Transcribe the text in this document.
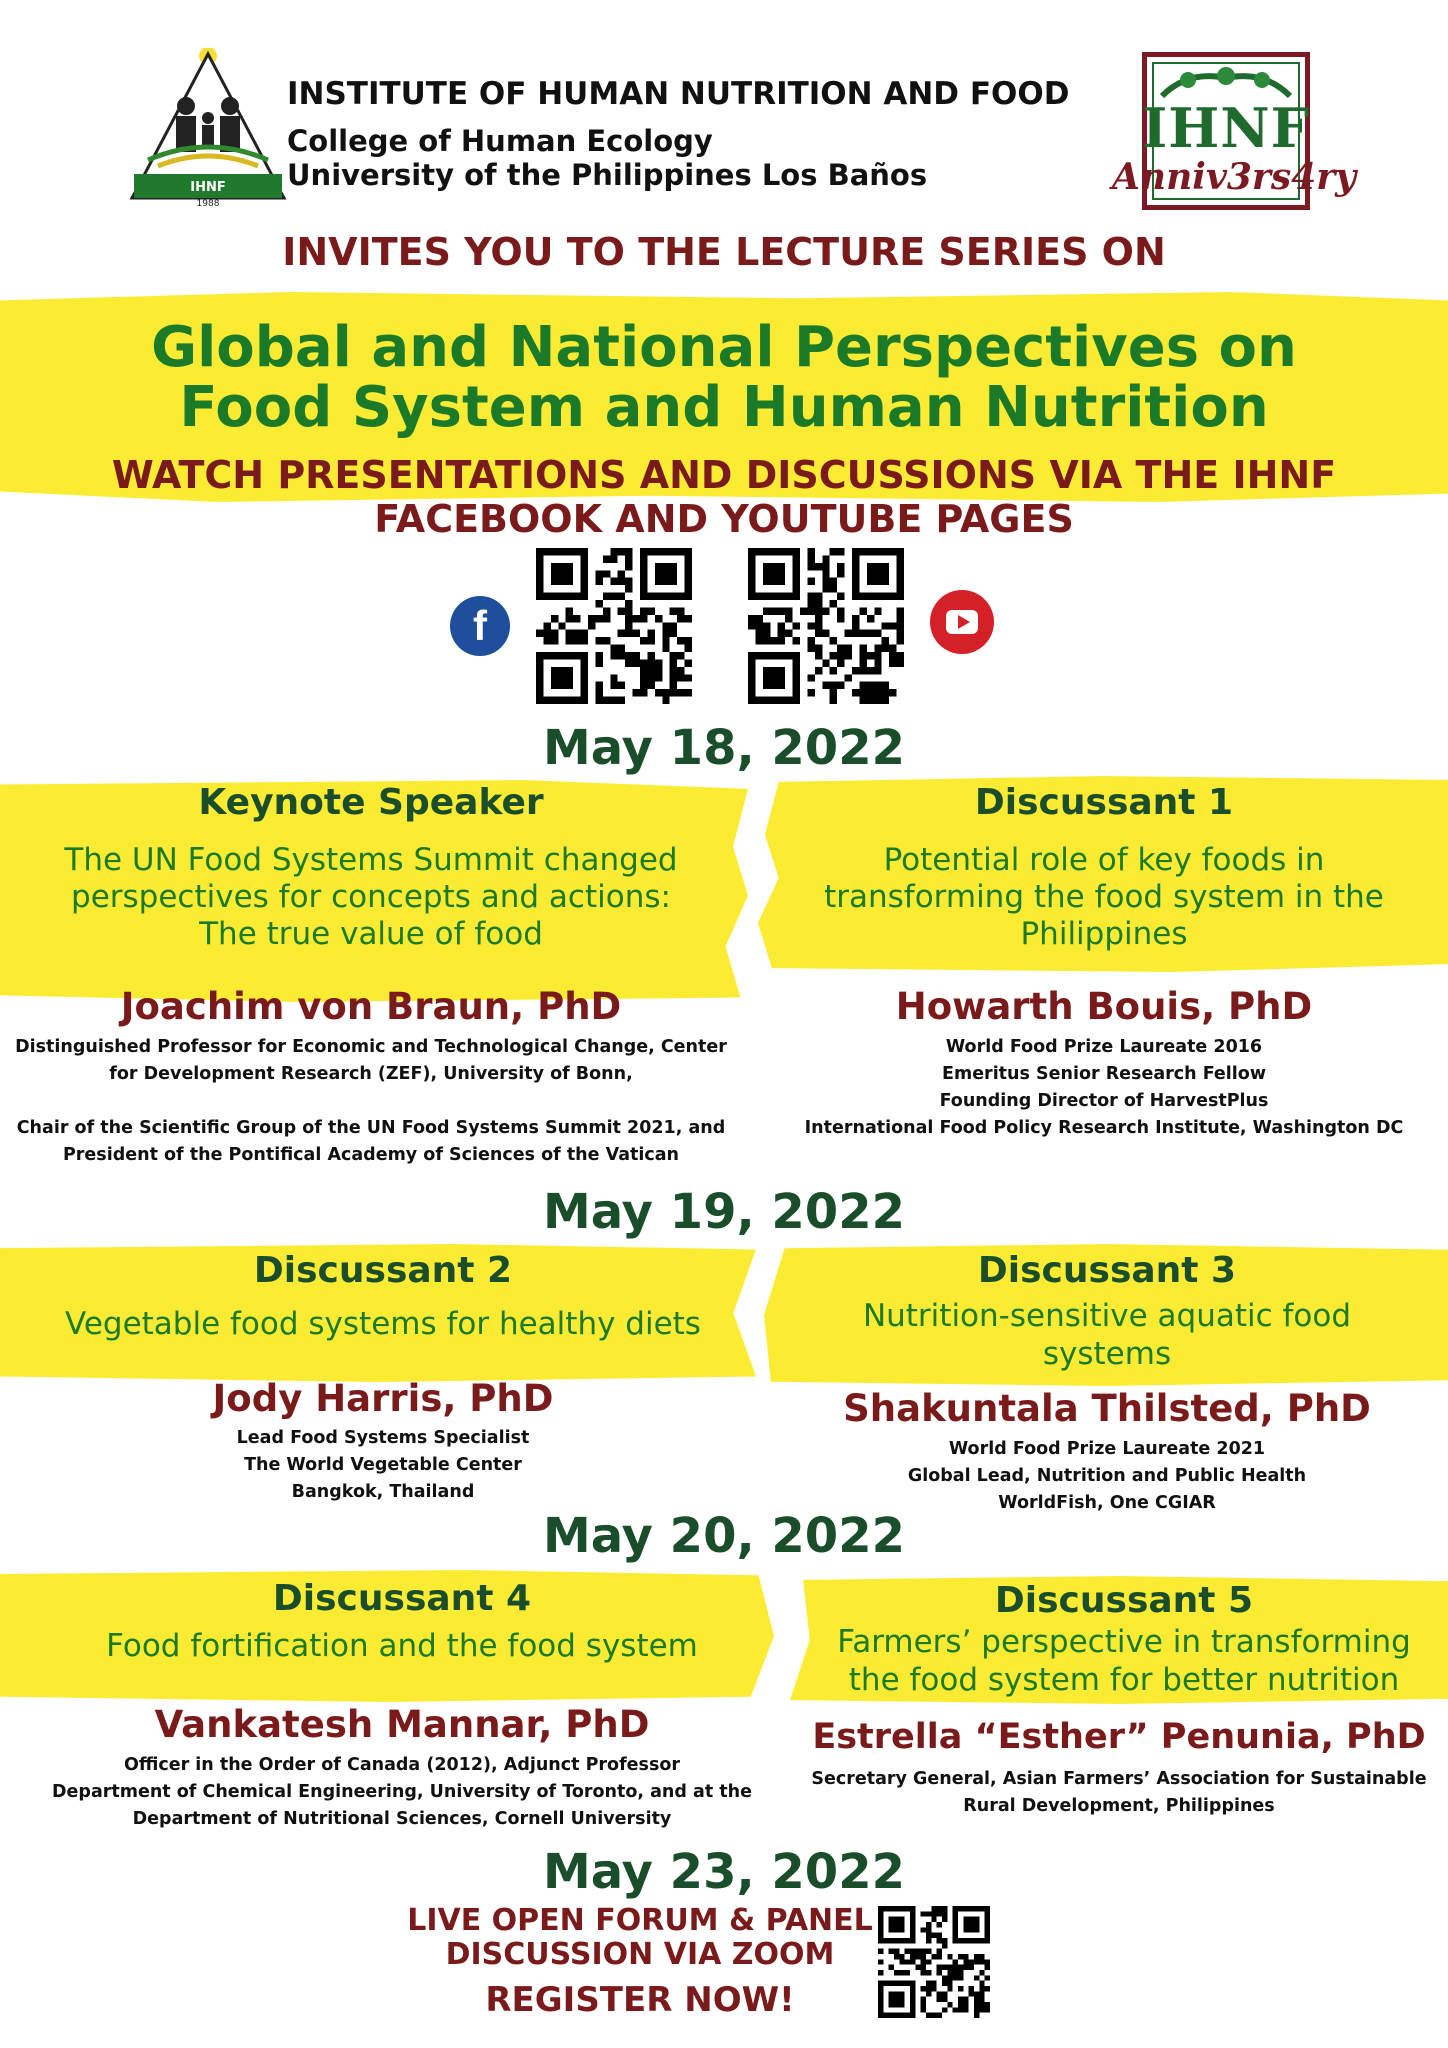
IHNF
1988
INSTITUTE OF HUMAN NUTRITION AND FOOD
College of Human Ecology
University of the Philippines Los Baños
IHNF
Anniv3rs4ry
INVITES YOU TO THE LECTURE SERIES ON
Global and National Perspectives on
Food System and Human Nutrition
WATCH PRESENTATIONS AND DISCUSSIONS VIA THE IHNF
FACEBOOK AND YOUTUBE PAGES
f
May 18, 2022
Keynote Speaker
The UN Food Systems Summit changed
perspectives for concepts and actions:
The true value of food
Discussant 1
Potential role of key foods in
transforming the food system in the
Philippines
Joachim von Braun, PhD
Distinguished Professor for Economic and Technological Change, Center
for Development Research (ZEF), University of Bonn,
Chair of the Scientific Group of the UN Food Systems Summit 2021, and
President of the Pontifical Academy of Sciences of the Vatican
Howarth Bouis, PhD
World Food Prize Laureate 2016
Emeritus Senior Research Fellow
Founding Director of HarvestPlus
International Food Policy Research Institute, Washington DC
May 19, 2022
Discussant 2
Vegetable food systems for healthy diets
Discussant 3
Nutrition-sensitive aquatic food
systems
Jody Harris, PhD
Lead Food Systems Specialist
The World Vegetable Center
Bangkok, Thailand
Shakuntala Thilsted, PhD
World Food Prize Laureate 2021
Global Lead, Nutrition and Public Health
WorldFish, One CGIAR
May 20, 2022
Discussant 4
Food fortification and the food system
Discussant 5
Farmers’ perspective in transforming
the food system for better nutrition
Vankatesh Mannar, PhD
Officer in the Order of Canada (2012), Adjunct Professor
Department of Chemical Engineering, University of Toronto, and at the
Department of Nutritional Sciences, Cornell University
Estrella “Esther” Penunia, PhD
Secretary General, Asian Farmers’ Association for Sustainable
Rural Development, Philippines
May 23, 2022
LIVE OPEN FORUM & PANEL
DISCUSSION VIA ZOOM
REGISTER NOW!
